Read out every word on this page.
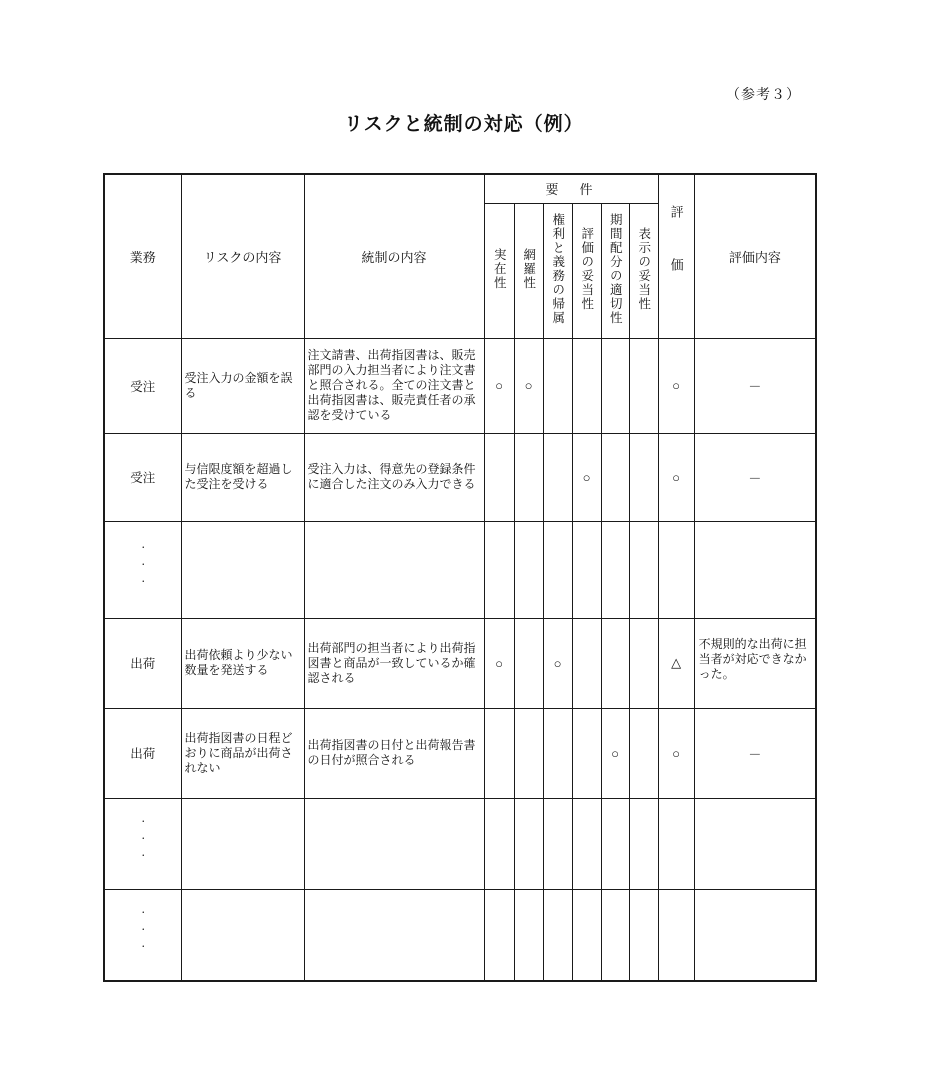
（参考３）
リスクと統制の対応（例）
業務	リスクの内容	統制の内容	要　件						評価	評価内容
			実在性	網羅性	権利と義務の帰属	評価の妥当性	期間配分の適切性	表示の妥当性		
受注	受注入力の金額を誤る	注文請書、出荷指図書は、販売部門の入力担当者により注文書と照合される。全ての注文書と出荷指図書は、販売責任者の承認を受けている	○	○					○	－
受注	与信限度額を超過した受注を受ける	受注入力は、得意先の登録条件に適合した注文のみ入力できる				○			○	－
・・・										
出荷	出荷依頼より少ない数量を発送する	出荷部門の担当者により出荷指図書と商品が一致しているか確認される	○		○				△	不規則的な出荷に担当者が対応できなかった。
出荷	出荷指図書の日程どおりに商品が出荷されない	出荷指図書の日付と出荷報告書の日付が照合される					○		○	－
・・・										
・・・										
